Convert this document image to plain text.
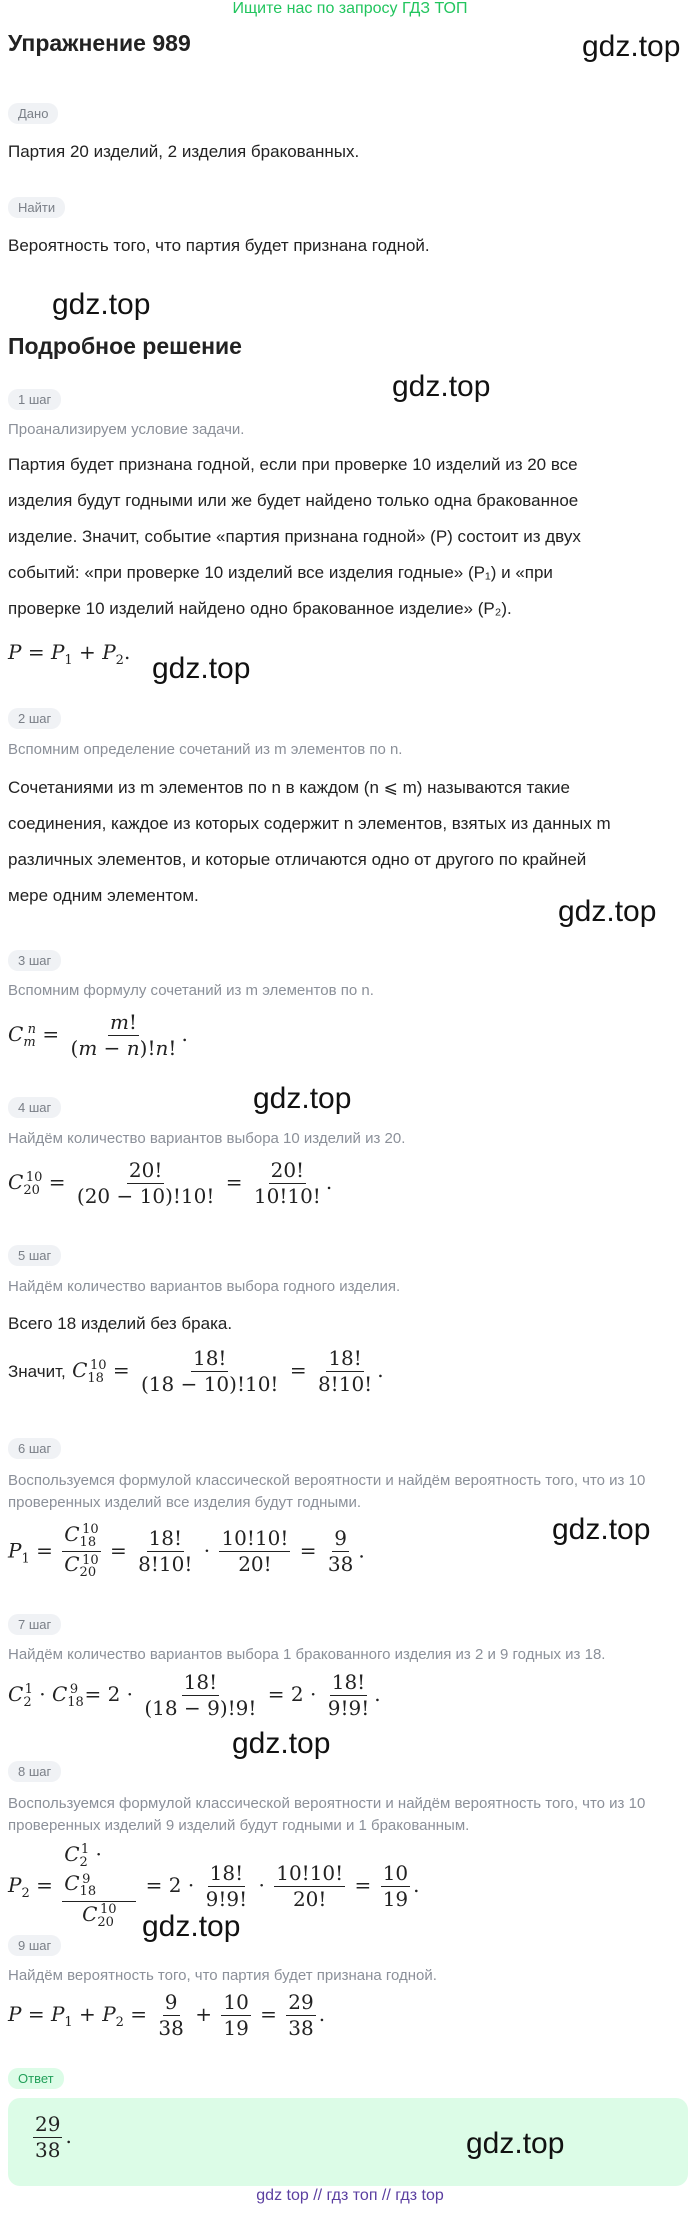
Ищите нас по запросу ГДЗ ТОП
Упражнение 989	gdz.top
Дано
Партия 20 изделий, 2 изделия бракованных.
Найти
Вероятность того, что партия будет признана годной.
gdz.top
Подробное решение
gdz.top
1 шаг
Проанализируем условие задачи.
Партия будет признана годной, если при проверке 10 изделий из 20 все
изделия будут годными или же будет найдено только одна бракованное
изделие. Значит, событие «партия признана годной» (P) состоит из двух
событий: «при проверке 10 изделий все изделия годные» (P₁) и «при
проверке 10 изделий найдено одно бракованное изделие» (P₂).
$P = P_1 + P_2$. gdz.top
2 шаг
Вспомним определение сочетаний из m элементов по n.
Сочетаниями из m элементов по n в каждом (n ⩽ m) называются такие
соединения, каждое из которых содержит n элементов, взятых из данных m
различных элементов, и которые отличаются одно от другого по крайней
мере одним элементом.	gdz.top
3 шаг
Вспомним формулу сочетаний из m элементов по n.
$C_m^n = \frac{m!}{(m - n)!n!}$ .
gdz.top
4 шаг
Найдём количество вариантов выбора 10 изделий из 20.
$C_{20}^{10} = \frac{20!}{(20 - 10)!10!} = \frac{20!}{10!10!}$ .
5 шаг
Найдём количество вариантов выбора годного изделия.
Всего 18 изделий без брака.
Значит, $C_{18}^{10} = \frac{18!}{(18 - 10)!10!} = \frac{18!}{8!10!}$ .
6 шаг
Воспользуемся формулой классической вероятности и найдём вероятность того, что из 10 проверенных изделий все изделия будут годными.
gdz.top
$P_1 = \frac{C_{18}^{10}}{C_{20}^{10}} = \frac{18!}{8!10!} \cdot \frac{10!10!}{20!} = \frac{9}{38}$ .
7 шаг
Найдём количество вариантов выбора 1 бракованного изделия из 2 и 9 годных из 18.
$C_2^1 \cdot C_{18}^9 = 2 \cdot \frac{18!}{(18 - 9)!9!} = 2 \cdot \frac{18!}{9!9!}$ .
gdz.top
8 шаг
Воспользуемся формулой классической вероятности и найдём вероятность того, что из 10 проверенных изделий 9 изделий будут годными и 1 бракованным.
$P_2 = \frac{C_2^1 \cdot C_{18}^9}{C_{20}^{10}} = 2 \cdot \frac{18!}{9!9!} \cdot \frac{10!10!}{20!} = \frac{10}{19}$ .
gdz.top
9 шаг
Найдём вероятность того, что партия будет признана годной.
$P = P_1 + P_2 = \frac{9}{38} + \frac{10}{19} = \frac{29}{38}$ .
Ответ
$\frac{29}{38}$ .	gdz.top
gdz top // гдз топ // гдз top
